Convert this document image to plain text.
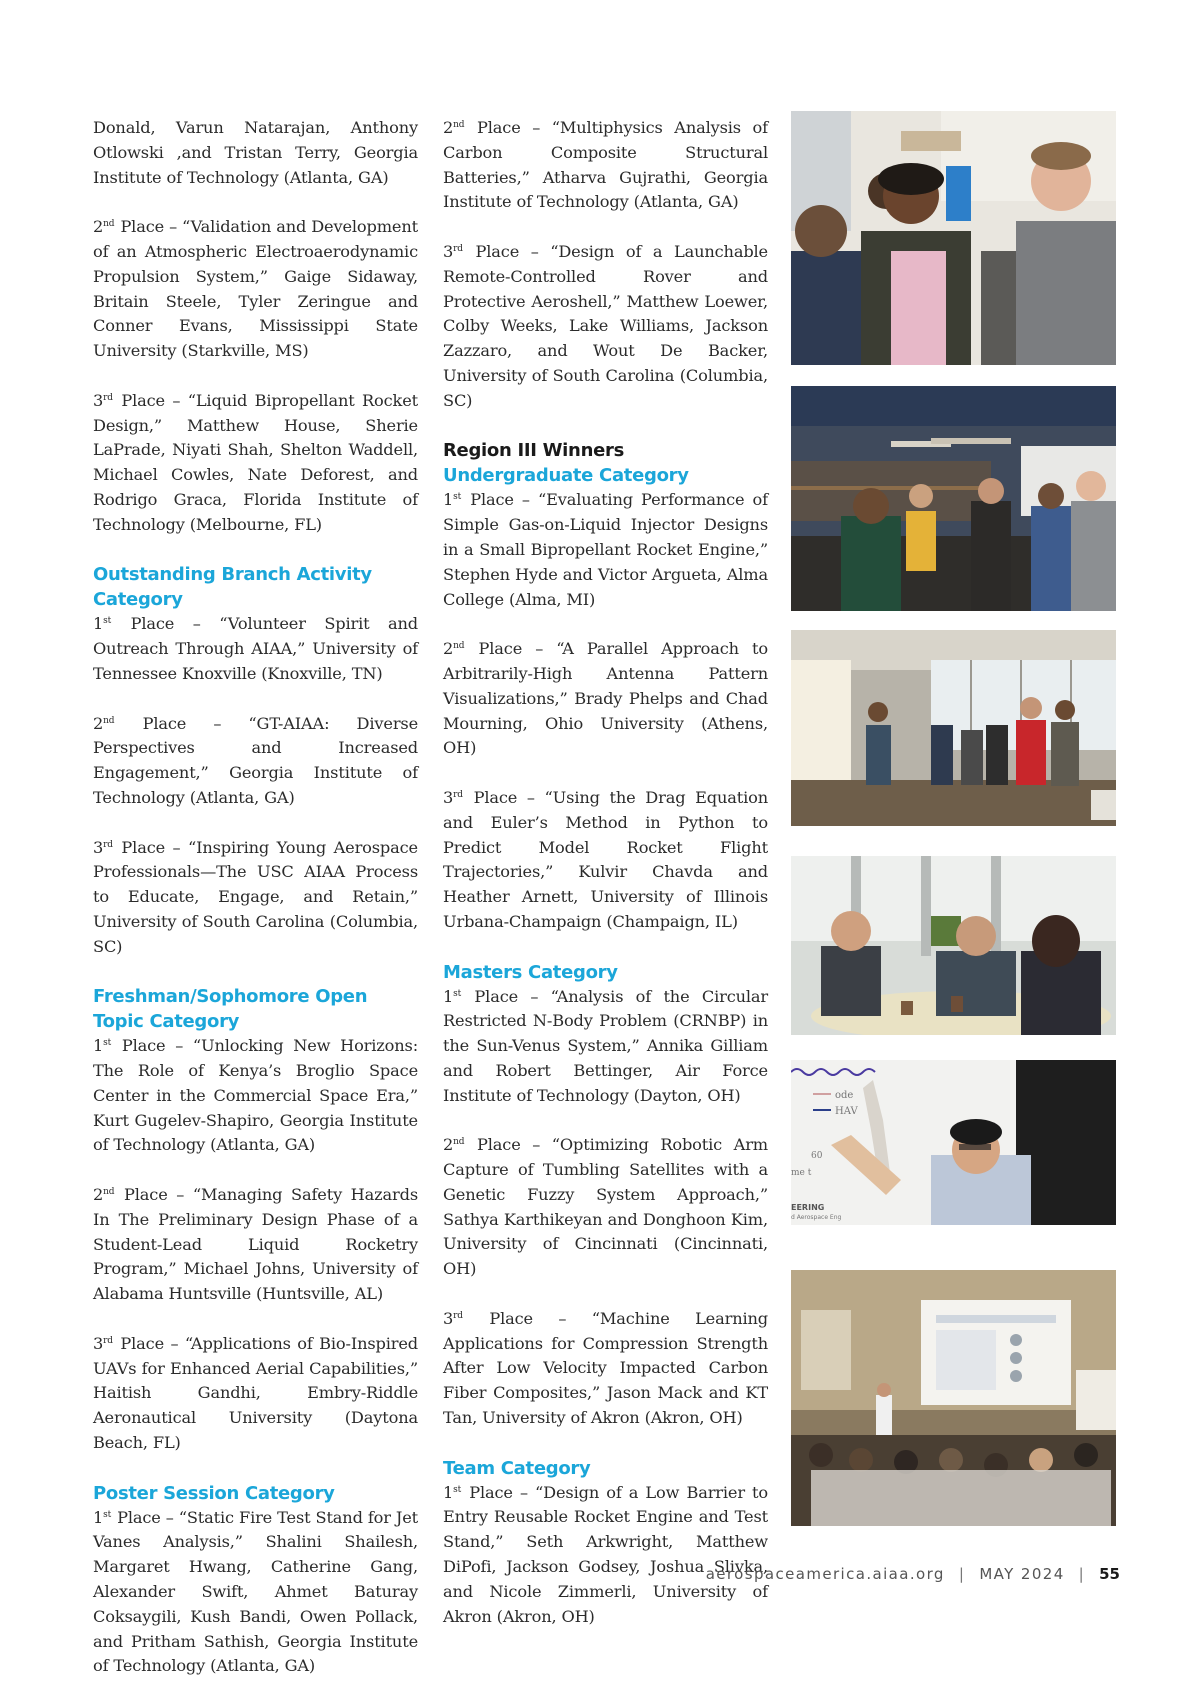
Donald, Varun Natarajan, Anthony Otlowski ,and Tristan Terry, Georgia Institute of Technology (Atlanta, GA)
2nd Place – “Validation and Development of an Atmospheric Electroaerodynamic Propulsion System,” Gaige Sidaway, Britain Steele, Tyler Zeringue and Conner Evans, Mississippi State University (Starkville, MS)
3rd Place – “Liquid Bipropellant Rocket Design,” Matthew House, Sherie LaPrade, Niyati Shah, Shelton Waddell, Michael Cowles, Nate Deforest, and Rodrigo Graca, Florida Institute of Technology (Melbourne, FL)
Outstanding Branch Activity Category
1st Place – “Volunteer Spirit and Outreach Through AIAA,” University of Tennessee Knoxville (Knoxville, TN)
2nd Place – “GT-AIAA: Diverse Perspectives and Increased Engagement,” Georgia Institute of Technology (Atlanta, GA)
3rd Place – “Inspiring Young Aerospace Professionals—The USC AIAA Process to Educate, Engage, and Retain,” University of South Carolina (Columbia, SC)
Freshman/Sophomore Open Topic Category
1st Place – “Unlocking New Horizons: The Role of Kenya’s Broglio Space Center in the Commercial Space Era,” Kurt Gugelev-Shapiro, Georgia Institute of Technology (Atlanta, GA)
2nd Place – “Managing Safety Hazards In The Preliminary Design Phase of a Student-Lead Liquid Rocketry Program,” Michael Johns, University of Alabama Huntsville (Huntsville, AL)
3rd Place – “Applications of Bio-Inspired UAVs for Enhanced Aerial Capabilities,” Haitish Gandhi, Embry-Riddle Aeronautical University (Daytona Beach, FL)
Poster Session Category
1st Place – “Static Fire Test Stand for Jet Vanes Analysis,” Shalini Shailesh, Margaret Hwang, Catherine Gang, Alexander Swift, Ahmet Baturay Coksaygili, Kush Bandi, Owen Pollack, and Pritham Sathish, Georgia Institute of Technology (Atlanta, GA)
2nd Place – “Multiphysics Analysis of Carbon Composite Structural Batteries,” Atharva Gujrathi, Georgia Institute of Technology (Atlanta, GA)
3rd Place – “Design of a Launchable Remote-Controlled Rover and Protective Aeroshell,” Matthew Loewer, Colby Weeks, Lake Williams, Jackson Zazzaro, and Wout De Backer, University of South Carolina (Columbia, SC)
Region III Winners
Undergraduate Category
1st Place – “Evaluating Performance of Simple Gas-on-Liquid Injector Designs in a Small Bipropellant Rocket Engine,” Stephen Hyde and Victor Argueta, Alma College (Alma, MI)
2nd Place – “A Parallel Approach to Arbitrarily-High Antenna Pattern Visualizations,” Brady Phelps and Chad Mourning, Ohio University (Athens, OH)
3rd Place – “Using the Drag Equation and Euler’s Method in Python to Predict Model Rocket Flight Trajectories,” Kulvir Chavda and Heather Arnett, University of Illinois Urbana-Champaign (Champaign, IL)
Masters Category
1st Place – “Analysis of the Circular Restricted N-Body Problem (CRNBP) in the Sun-Venus System,” Annika Gilliam and Robert Bettinger, Air Force Institute of Technology (Dayton, OH)
2nd Place – “Optimizing Robotic Arm Capture of Tumbling Satellites with a Genetic Fuzzy System Approach,” Sathya Karthikeyan and Donghoon Kim, University of Cincinnati (Cincinnati, OH)
3rd Place – “Machine Learning Applications for Compression Strength After Low Velocity Impacted Carbon Fiber Composites,” Jason Mack and KT Tan, University of Akron (Akron, OH)
Team Category
1st Place – “Design of a Low Barrier to Entry Reusable Rocket Engine and Test Stand,” Seth Arkwright, Matthew DiPofi, Jackson Godsey, Joshua Slivka, and Nicole Zimmerli, University of Akron (Akron, OH)
ode
HAV
60
me t
EERING
d Aerospace Eng
aerospaceamerica.aiaa.org | MAY 2024 | 55
